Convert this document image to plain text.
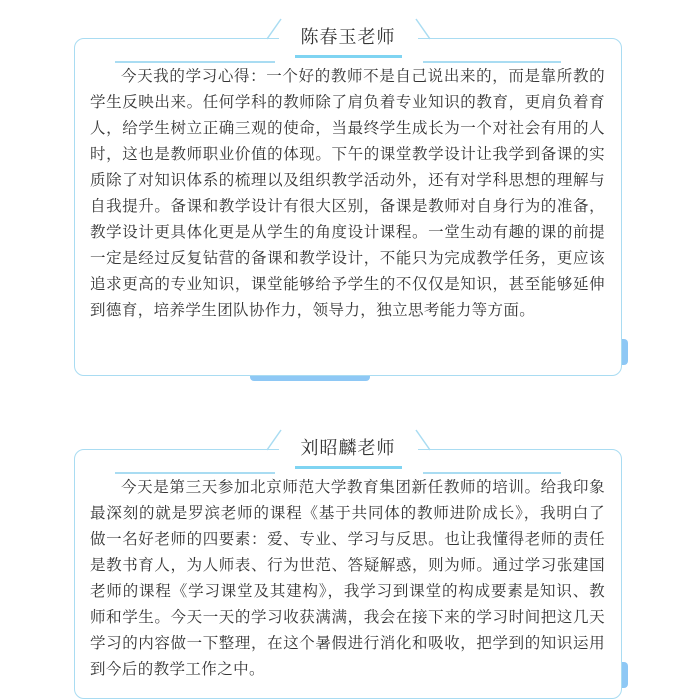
陈春玉老师

今天我的学习心得：一个好的教师不是自己说出来的，而是靠所教的学生反映出来。任何学科的教师除了肩负着专业知识的教育，更肩负着育人，给学生树立正确三观的使命，当最终学生成长为一个对社会有用的人时，这也是教师职业价值的体现。下午的课堂教学设计让我学到备课的实质除了对知识体系的梳理以及组织教学活动外，还有对学科思想的理解与自我提升。备课和教学设计有很大区别，备课是教师对自身行为的准备，教学设计更具体化更是从学生的角度设计课程。一堂生动有趣的课的前提一定是经过反复钻营的备课和教学设计，不能只为完成教学任务，更应该追求更高的专业知识，课堂能够给予学生的不仅仅是知识，甚至能够延伸到德育，培养学生团队协作力，领导力，独立思考能力等方面。

刘昭麟老师

今天是第三天参加北京师范大学教育集团新任教师的培训。给我印象最深刻的就是罗滨老师的课程《基于共同体的教师进阶成长》，我明白了做一名好老师的四要素：爱、专业、学习与反思。也让我懂得老师的责任是教书育人，为人师表、行为世范、答疑解惑，则为师。通过学习张建国老师的课程《学习课堂及其建构》，我学习到课堂的构成要素是知识、教师和学生。今天一天的学习收获满满，我会在接下来的学习时间把这几天学习的内容做一下整理，在这个暑假进行消化和吸收，把学到的知识运用到今后的教学工作之中。
